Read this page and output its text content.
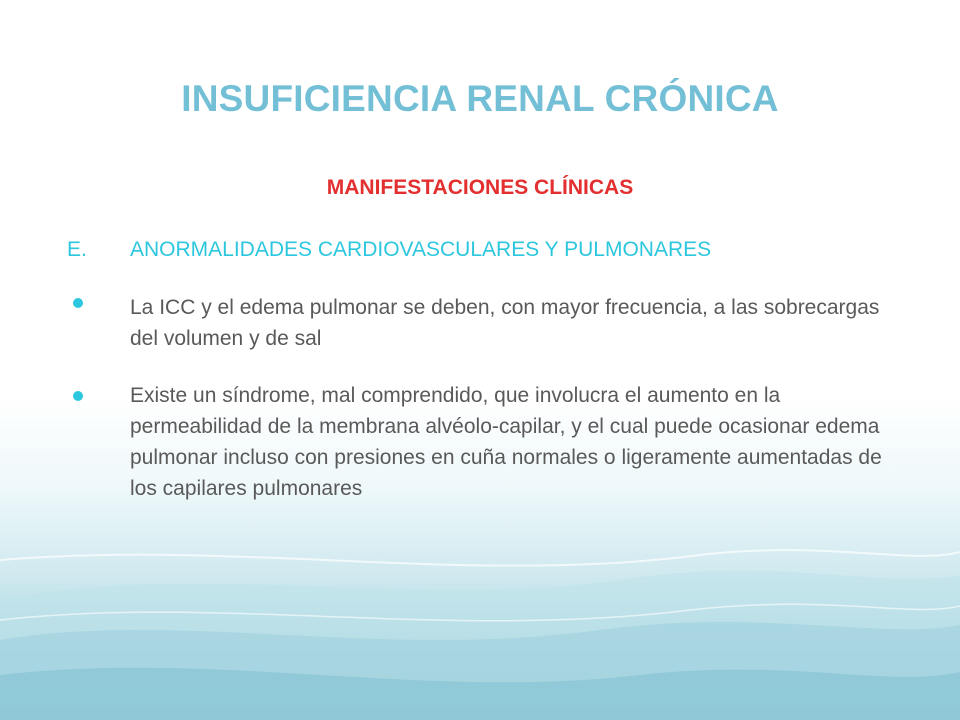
INSUFICIENCIA RENAL CRÓNICA
MANIFESTACIONES CLÍNICAS
E. ANORMALIDADES CARDIOVASCULARES Y PULMONARES
La ICC y el edema pulmonar se deben, con mayor frecuencia, a las sobrecargas del volumen y de sal
Existe un síndrome, mal comprendido, que involucra el aumento en la permeabilidad de la membrana alvéolo-capilar, y el cual puede ocasionar edema pulmonar incluso con presiones en cuña normales o ligeramente aumentadas de los capilares pulmonares
